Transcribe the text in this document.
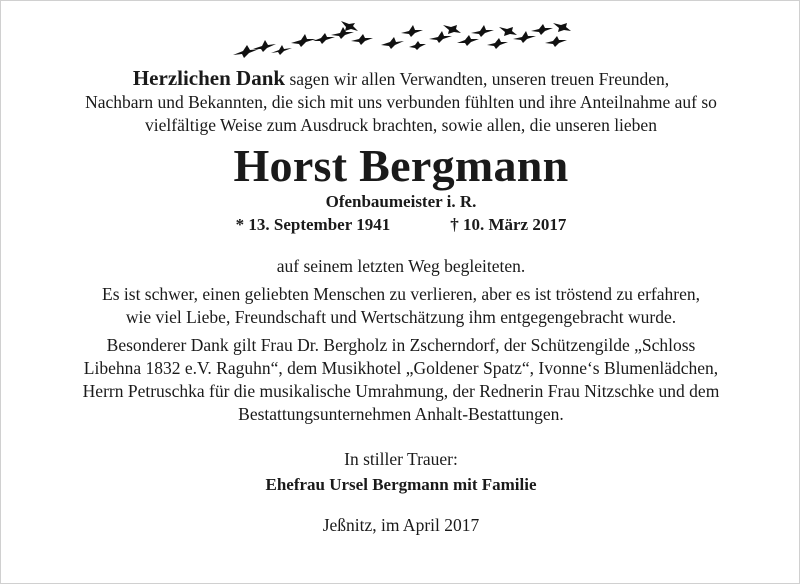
Herzlichen Dank sagen wir allen Verwandten, unseren treuen Freunden,
Nachbarn und Bekannten, die sich mit uns verbunden fühlten und ihre Anteilnahme auf so
vielfältige Weise zum Ausdruck brachten, sowie allen, die unseren lieben

Horst Bergmann

Ofenbaumeister i. R.

* 13. September 1941	† 10. März 2017

auf seinem letzten Weg begleiteten.

Es ist schwer, einen geliebten Menschen zu verlieren, aber es ist tröstend zu erfahren,
wie viel Liebe, Freundschaft und Wertschätzung ihm entgegengebracht wurde.

Besonderer Dank gilt Frau Dr. Bergholz in Zscherndorf, der Schützengilde „Schloss
Libehna 1832 e.V. Raguhn“, dem Musikhotel „Goldener Spatz“, Ivonne‘s Blumenlädchen,
Herrn Petruschka für die musikalische Umrahmung, der Rednerin Frau Nitzschke und dem
Bestattungsunternehmen Anhalt-Bestattungen.

In stiller Trauer:

Ehefrau Ursel Bergmann mit Familie

Jeßnitz, im April 2017
